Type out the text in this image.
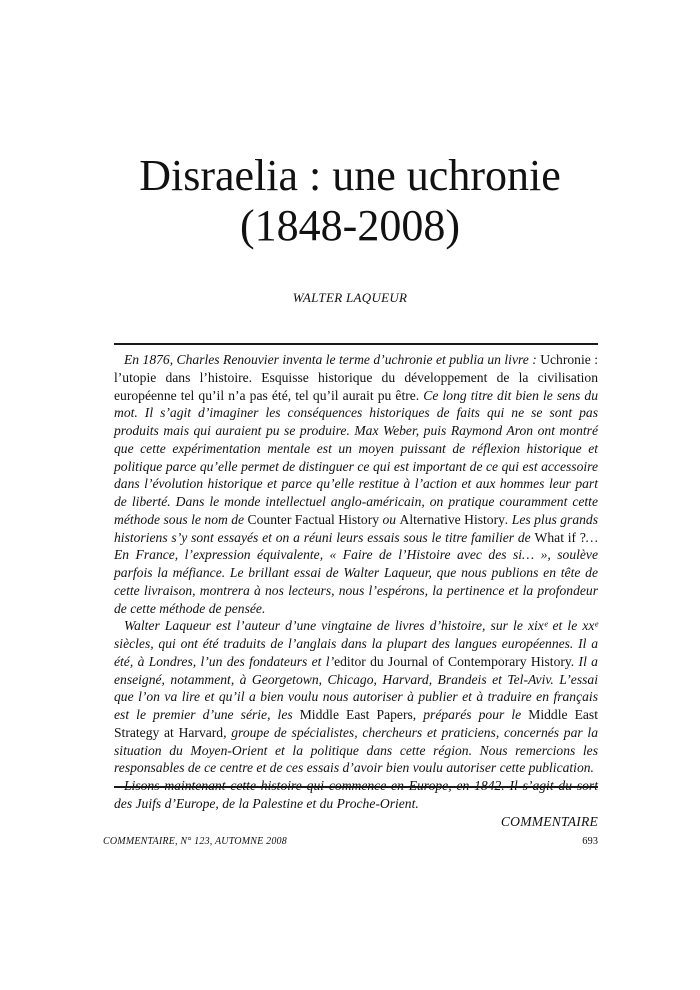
Disraelia : une uchronie
(1848-2008)
WALTER LAQUEUR

En 1876, Charles Renouvier inventa le terme d’uchronie et publia un livre : Uchronie : l’utopie dans l’histoire. Esquisse historique du développement de la civilisation européenne tel qu’il n’a pas été, tel qu’il aurait pu être. Ce long titre dit bien le sens du mot. Il s’agit d’imaginer les conséquences historiques de faits qui ne se sont pas produits mais qui auraient pu se produire. Max Weber, puis Raymond Aron ont montré que cette expérimentation mentale est un moyen puissant de réflexion historique et politique parce qu’elle permet de distinguer ce qui est important de ce qui est accessoire dans l’évolution historique et parce qu’elle restitue à l’action et aux hommes leur part de liberté. Dans le monde intellectuel anglo-américain, on pratique couramment cette méthode sous le nom de Counter Factual History ou Alternative History. Les plus grands historiens s’y sont essayés et on a réuni leurs essais sous le titre familier de What if ?… En France, l’expression équivalente, « Faire de l’Histoire avec des si… », soulève parfois la méfiance. Le brillant essai de Walter Laqueur, que nous publions en tête de cette livraison, montrera à nos lecteurs, nous l’espérons, la pertinence et la profondeur de cette méthode de pensée.

Walter Laqueur est l’auteur d’une vingtaine de livres d’histoire, sur le xixᵉ et le xxᵉ siècles, qui ont été traduits de l’anglais dans la plupart des langues européennes. Il a été, à Londres, l’un des fondateurs et l’editor du Journal of Contemporary History. Il a enseigné, notamment, à Georgetown, Chicago, Harvard, Brandeis et Tel-Aviv. L’essai que l’on va lire et qu’il a bien voulu nous autoriser à publier et à traduire en français est le premier d’une série, les Middle East Papers, préparés pour le Middle East Strategy at Harvard, groupe de spécialistes, chercheurs et praticiens, concernés par la situation du Moyen-Orient et la politique dans cette région. Nous remercions les responsables de ce centre et de ces essais d’avoir bien voulu autoriser cette publication.

Lisons maintenant cette histoire qui commence en Europe, en 1842. Il s’agit du sort des Juifs d’Europe, de la Palestine et du Proche-Orient.

COMMENTAIRE

COMMENTAIRE, N° 123, AUTOMNE 2008	693
